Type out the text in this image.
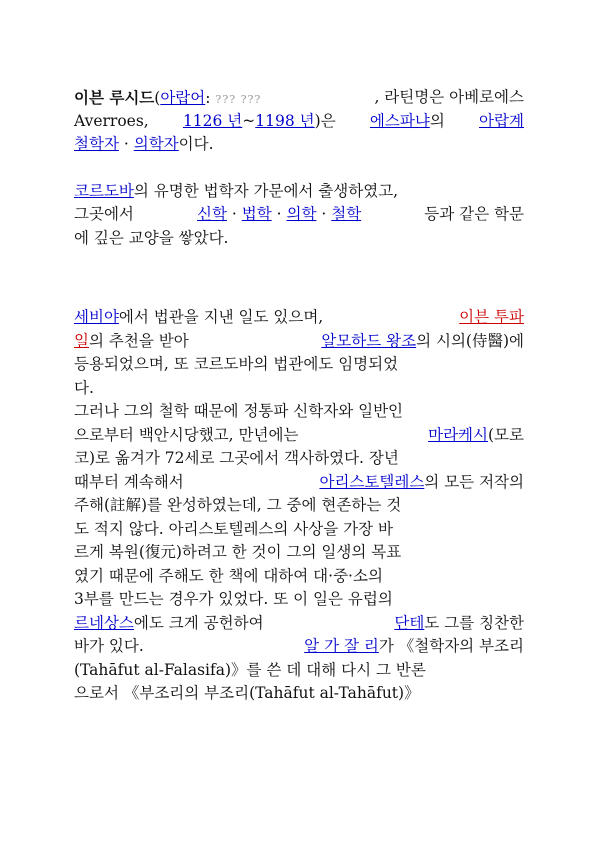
이븐 루시드(아랍어: ??? ???	, 라틴명은 아베로에스
Averroes, 1126 년~1198 년)은 에스파냐의 아랍계
철학자 · 의학자이다.
코르도바의 유명한 법학자 가문에서 출생하였고,
그곳에서	신학 · 법학 · 의학 · 철학	등과 같은 학문
에 깊은 교양을 쌓았다.
세비야에서 법관을 지낸 일도 있으며,	이븐 투파
일의 추천을 받아	알모하드 왕조의 시의(侍醫)에
등용되었으며, 또 코르도바의 법관에도 임명되었
다.
그러나 그의 철학 때문에 정통파 신학자와 일반인
으로부터 백안시당했고, 만년에는	마라케시(모로
코)로 옮겨가 72세로 그곳에서 객사하였다. 장년
때부터 계속해서	아리스토텔레스의 모든 저작의
주해(註解)를 완성하였는데, 그 중에 현존하는 것
도 적지 않다. 아리스토텔레스의 사상을 가장 바
르게 복원(復元)하려고 한 것이 그의 일생의 목표
였기 때문에 주해도 한 책에 대하여 대·중·소의
3부를 만드는 경우가 있었다. 또 이 일은 유럽의
르네상스에도 크게 공헌하여	단테도 그를 칭찬한
바가 있다.	알 가 잘 리가 《철학자의 부조리
(Tahāfut al-Falasifa)》를 쓴 데 대해 다시 그 반론
으로서 《부조리의 부조리(Tahāfut al-Tahāfut)》
